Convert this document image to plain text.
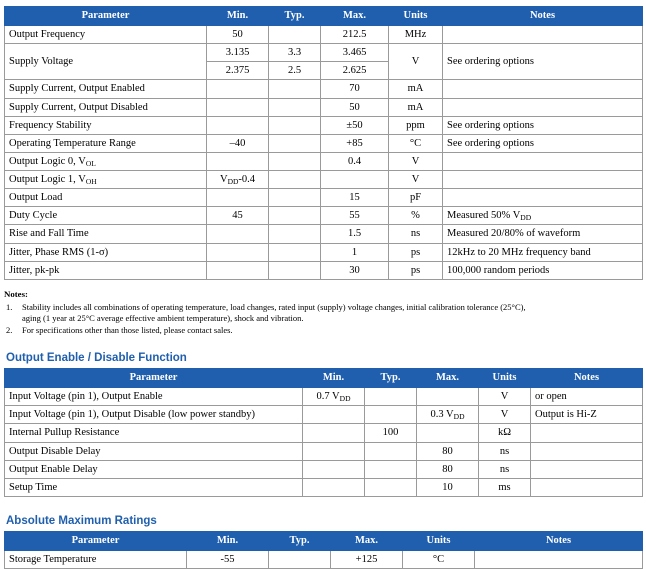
Parameter	Min.	Typ.	Max.	Units	Notes
Output Frequency	50		212.5	MHz	
Supply Voltage	3.135	3.3	3.465	V	See ordering options
	2.375	2.5	2.625		
Supply Current, Output Enabled			70	mA	
Supply Current, Output Disabled			50	mA	
Frequency Stability			±50	ppm	See ordering options
Operating Temperature Range	–40		+85	°C	See ordering options
Output Logic 0, $V_{OL}$			0.4	V	
Output Logic 1, $V_{OH}$	$V_{DD}-0.4$			V	
Output Load			15	pF	
Duty Cycle	45		55	%	Measured 50% $V_{DD}$
Rise and Fall Time			1.5	ns	Measured 20/80% of waveform
Jitter, Phase RMS (1-σ)			1	ps	12kHz to 20 MHz frequency band
Jitter, pk-pk			30	ps	100,000 random periods
Notes:
1.	Stability includes all combinations of operating temperature, load changes, rated input (supply) voltage changes, initial calibration tolerance (25°C),
aging (1 year at 25°C average effective ambient temperature), shock and vibration.
2.	For specifications other than those listed, please contact sales.
Output Enable / Disable Function
Parameter	Min.	Typ.	Max.	Units	Notes
Input Voltage (pin 1), Output Enable	0.7 $V_{DD}$			V	or open
Input Voltage (pin 1), Output Disable (low power standby)			0.3 $V_{DD}$	V	Output is Hi-Z
Internal Pullup Resistance		100		kΩ	
Output Disable Delay			80	ns	
Output Enable Delay			80	ns	
Setup Time			10	ms	
Absolute Maximum Ratings
Parameter	Min.	Typ.	Max.	Units	Notes
Storage Temperature	-55		+125	°C	
